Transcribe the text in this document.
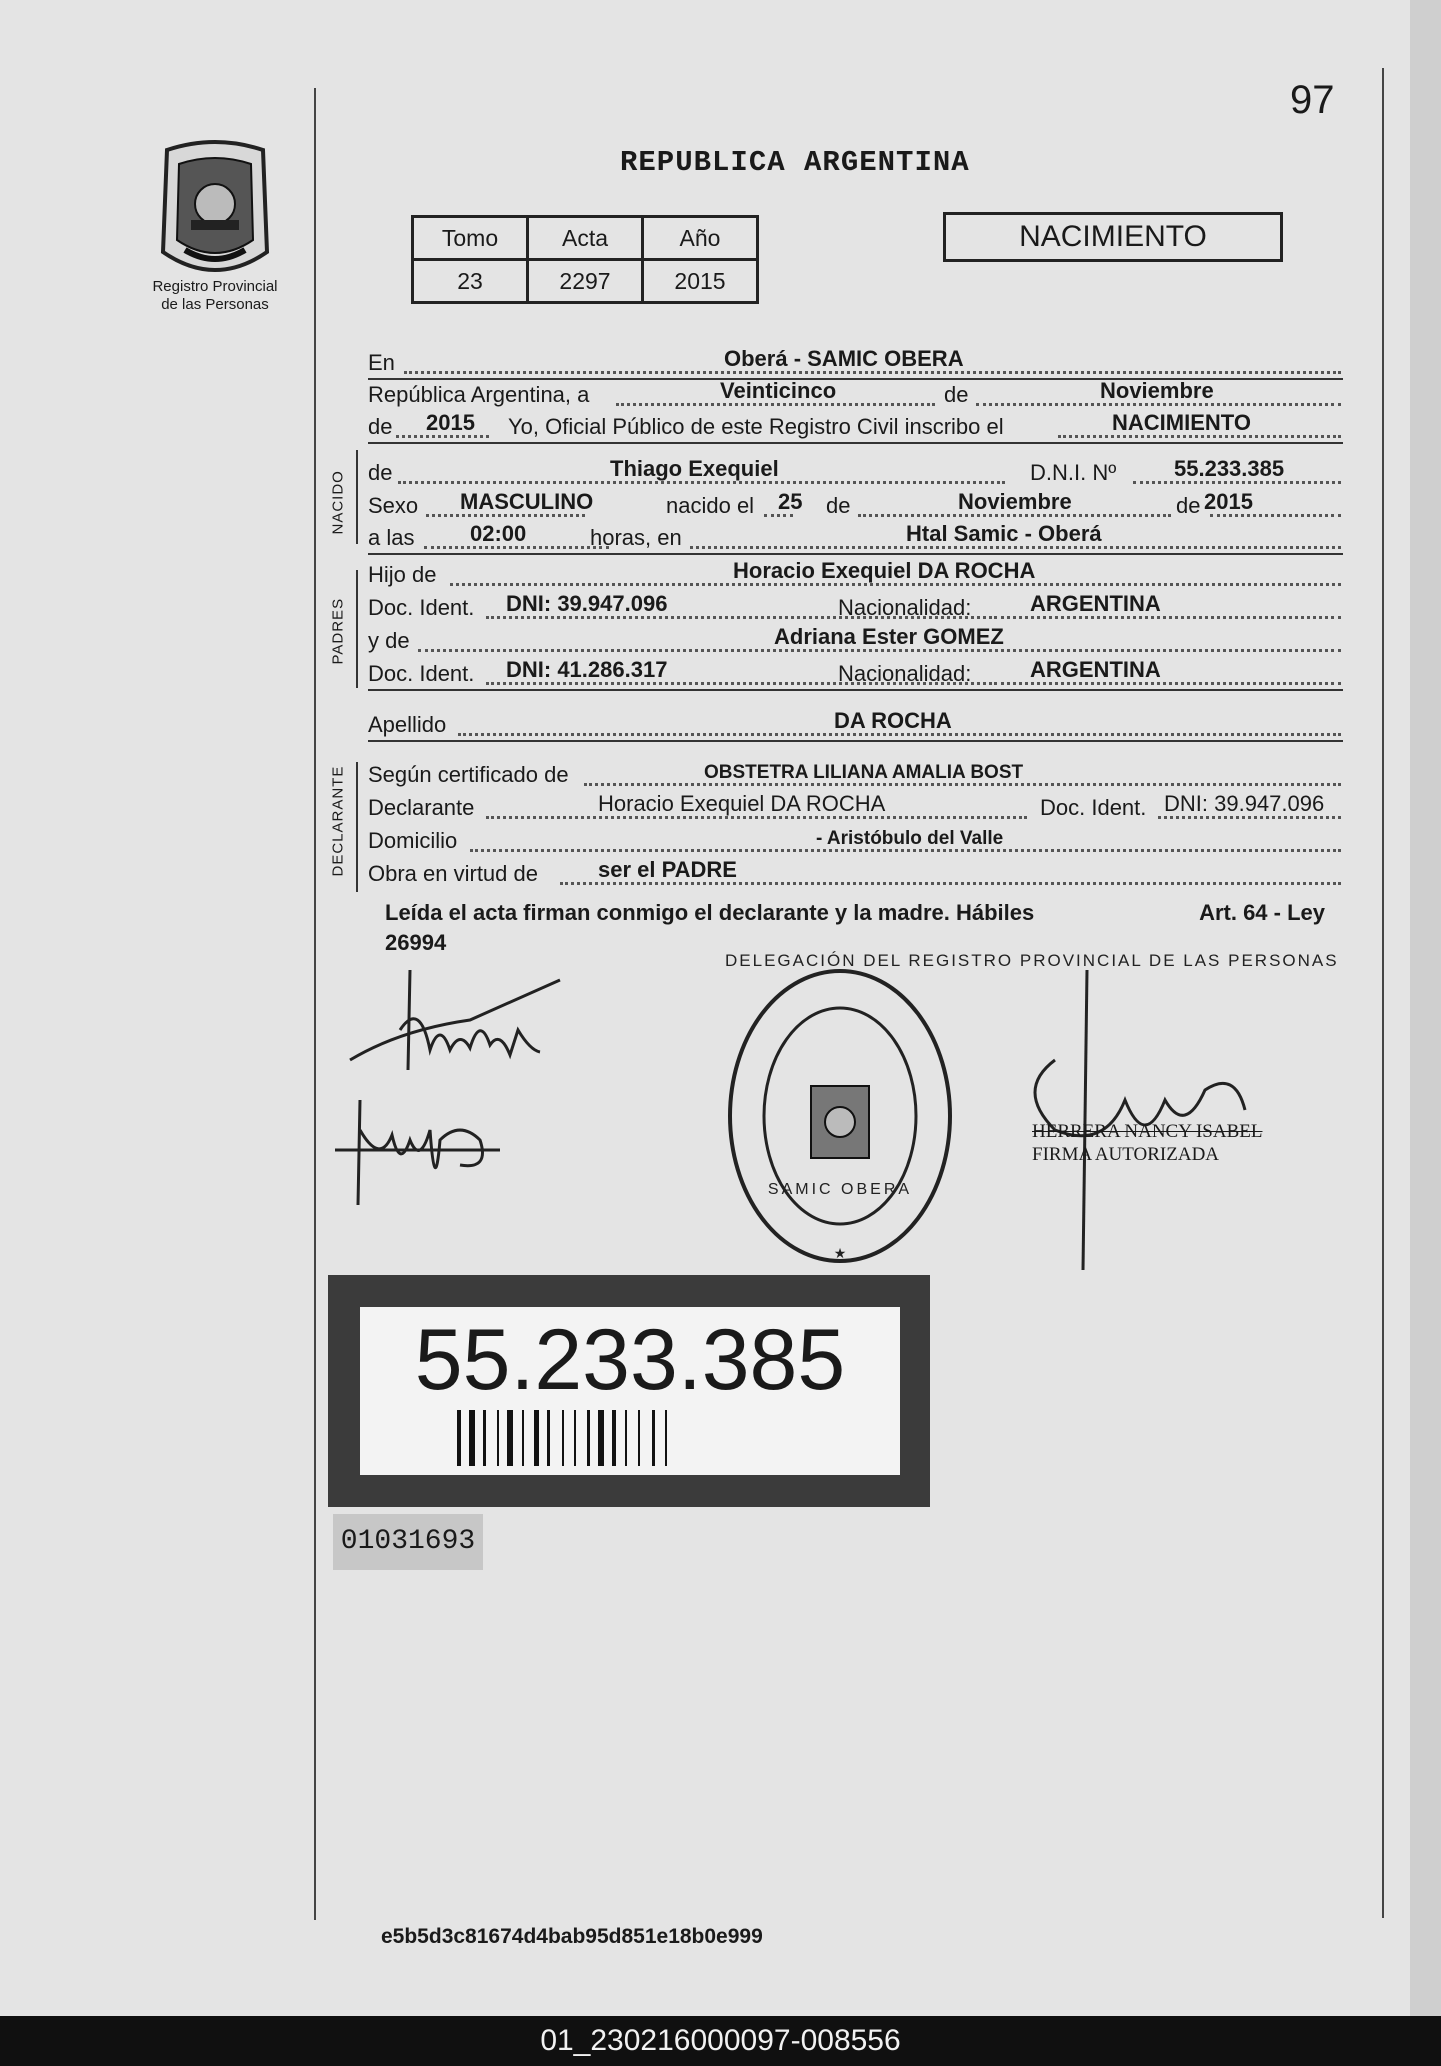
97
Registro Provincial
de las Personas
REPUBLICA ARGENTINA
Tomo	Acta	Año
23	2297	2015
NACIMIENTO
En	Oberá - SAMIC OBERA
República Argentina, a	Veinticinco	de	Noviembre
de 2015 Yo, Oficial Público de este Registro Civil inscribo el	NACIMIENTO
NACIDO de	Thiago Exequiel	D.N.I. Nº	55.233.385
Sexo MASCULINO	nacido el 25 de	Noviembre	de 2015
a las	02:00	horas, en	Htal Samic - Oberá
PADRES
Hijo de	Horacio Exequiel DA ROCHA
Doc. Ident. DNI: 39.947.096	Nacionalidad:	ARGENTINA
y de	Adriana Ester GOMEZ
Doc. Ident. DNI: 41.286.317	Nacionalidad:	ARGENTINA
Apellido	DA ROCHA
DECLARANTE Según certificado de	OBSTETRA LILIANA AMALIA BOST
Declarante	Horacio Exequiel DA ROCHA	Doc. Ident. DNI: 39.947.096
Domicilio	- Aristóbulo del Valle
Obra en virtud de	ser el PADRE
Leída el acta firman conmigo el declarante y la madre. Hábiles	Art. 64 - Ley
26994
DELEGACIÓN DEL REGISTRO PROVINCIAL DE LAS PERSONAS
SAMIC OBERA
★
HERRERA NANCY ISABEL
FIRMA AUTORIZADA
55.233.385
01031693
e5b5d3c81674d4bab95d851e18b0e999
01_230216000097-008556
